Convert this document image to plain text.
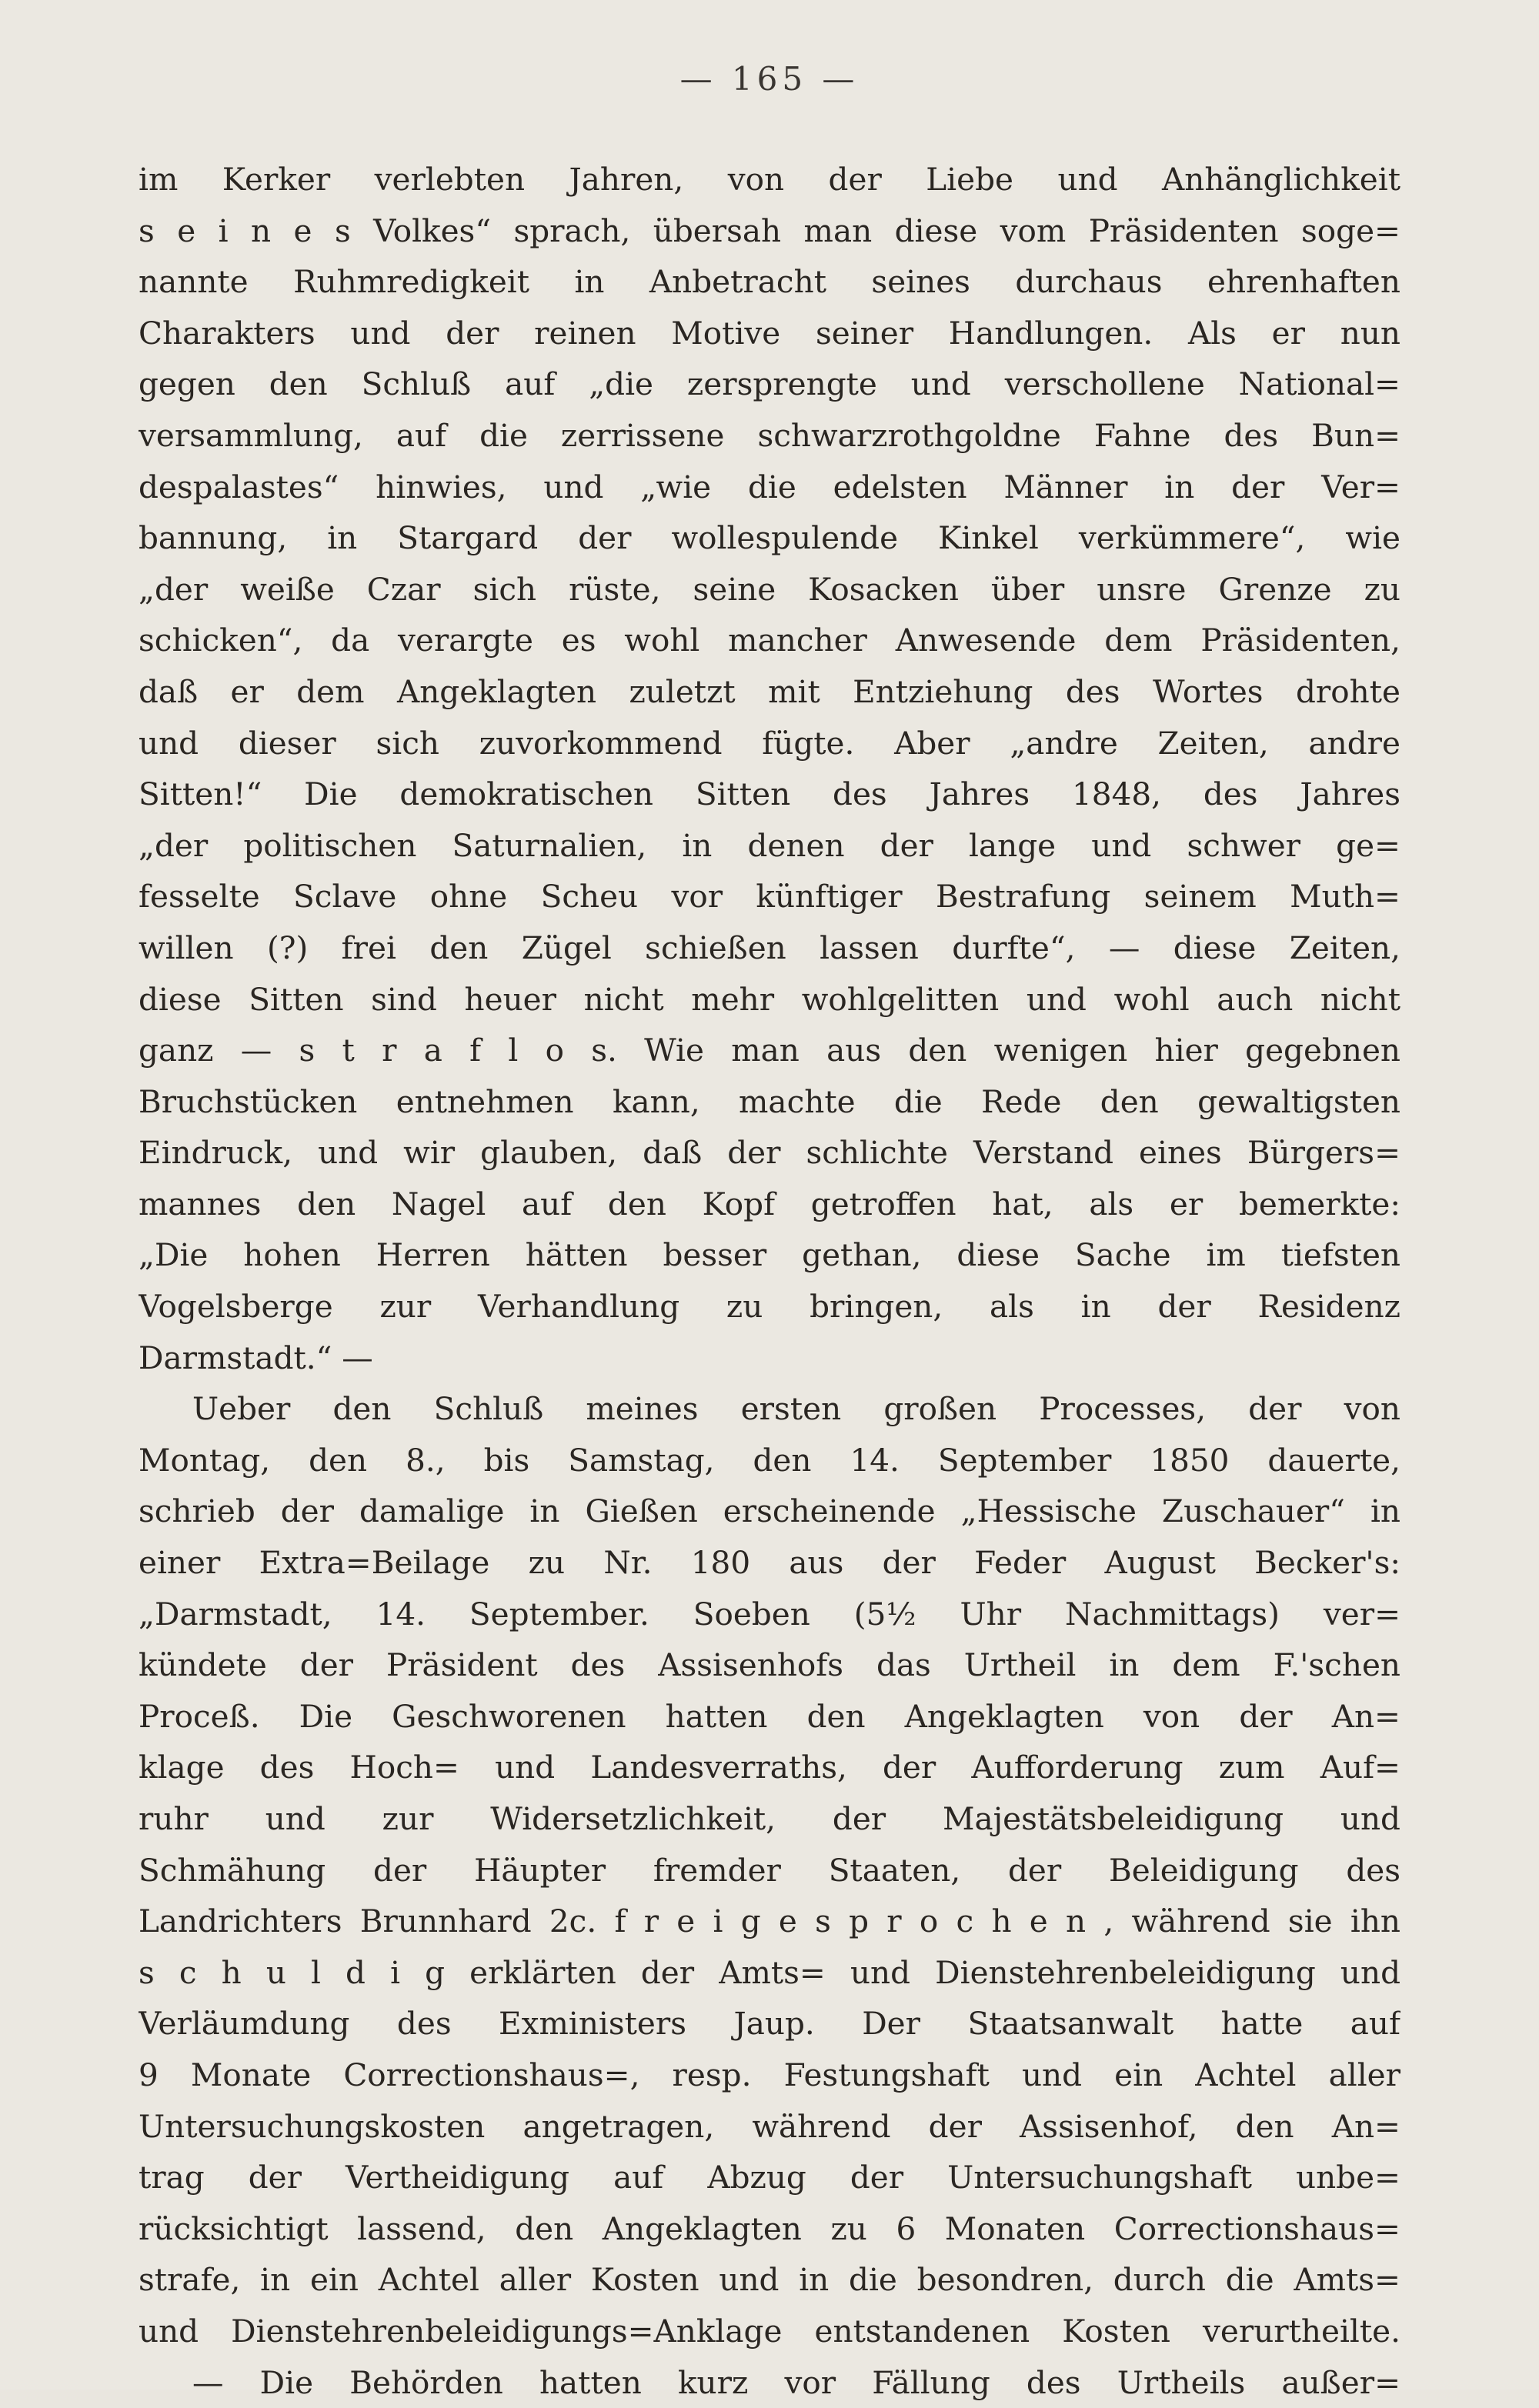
— 165 —
im Kerker verlebten Jahren, von der Liebe und Anhänglichkeit
s e i n e s Volkes“ sprach, übersah man diese vom Präsidenten soge=
nannte Ruhmredigkeit in Anbetracht seines durchaus ehrenhaften
Charakters und der reinen Motive seiner Handlungen. Als er nun
gegen den Schluß auf „die zersprengte und verschollene National=
versammlung, auf die zerrissene schwarzrothgoldne Fahne des Bun=
despalastes“ hinwies, und „wie die edelsten Männer in der Ver=
bannung, in Stargard der wollespulende Kinkel verkümmere“, wie
„der weiße Czar sich rüste, seine Kosacken über unsre Grenze zu
schicken“, da verargte es wohl mancher Anwesende dem Präsidenten,
daß er dem Angeklagten zuletzt mit Entziehung des Wortes drohte
und dieser sich zuvorkommend fügte. Aber „andre Zeiten, andre
Sitten!“ Die demokratischen Sitten des Jahres 1848, des Jahres
„der politischen Saturnalien, in denen der lange und schwer ge=
fesselte Sclave ohne Scheu vor künftiger Bestrafung seinem Muth=
willen (?) frei den Zügel schießen lassen durfte“, — diese Zeiten,
diese Sitten sind heuer nicht mehr wohlgelitten und wohl auch nicht
ganz — s t r a f l o s. Wie man aus den wenigen hier gegebnen
Bruchstücken entnehmen kann, machte die Rede den gewaltigsten
Eindruck, und wir glauben, daß der schlichte Verstand eines Bürgers=
mannes den Nagel auf den Kopf getroffen hat, als er bemerkte:
„Die hohen Herren hätten besser gethan, diese Sache im tiefsten
Vogelsberge zur Verhandlung zu bringen, als in der Residenz
Darmstadt.“ —
Ueber den Schluß meines ersten großen Processes, der von
Montag, den 8., bis Samstag, den 14. September 1850 dauerte,
schrieb der damalige in Gießen erscheinende „Hessische Zuschauer“ in
einer Extra=Beilage zu Nr. 180 aus der Feder August Becker's:
„Darmstadt, 14. September. Soeben (5½ Uhr Nachmittags) ver=
kündete der Präsident des Assisenhofs das Urtheil in dem F.'schen
Proceß. Die Geschworenen hatten den Angeklagten von der An=
klage des Hoch= und Landesverraths, der Aufforderung zum Auf=
ruhr und zur Widersetzlichkeit, der Majestätsbeleidigung und
Schmähung der Häupter fremder Staaten, der Beleidigung des
Landrichters Brunnhard 2c. f r e i g e s p r o c h e n , während sie ihn
s c h u l d i g erklärten der Amts= und Dienstehrenbeleidigung und
Verläumdung des Exministers Jaup. Der Staatsanwalt hatte auf
9 Monate Correctionshaus=, resp. Festungshaft und ein Achtel aller
Untersuchungskosten angetragen, während der Assisenhof, den An=
trag der Vertheidigung auf Abzug der Untersuchungshaft unbe=
rücksichtigt lassend, den Angeklagten zu 6 Monaten Correctionshaus=
strafe, in ein Achtel aller Kosten und in die besondren, durch die Amts=
und Dienstehrenbeleidigungs=Anklage entstandenen Kosten verurtheilte.
— Die Behörden hatten kurz vor Fällung des Urtheils außer=
